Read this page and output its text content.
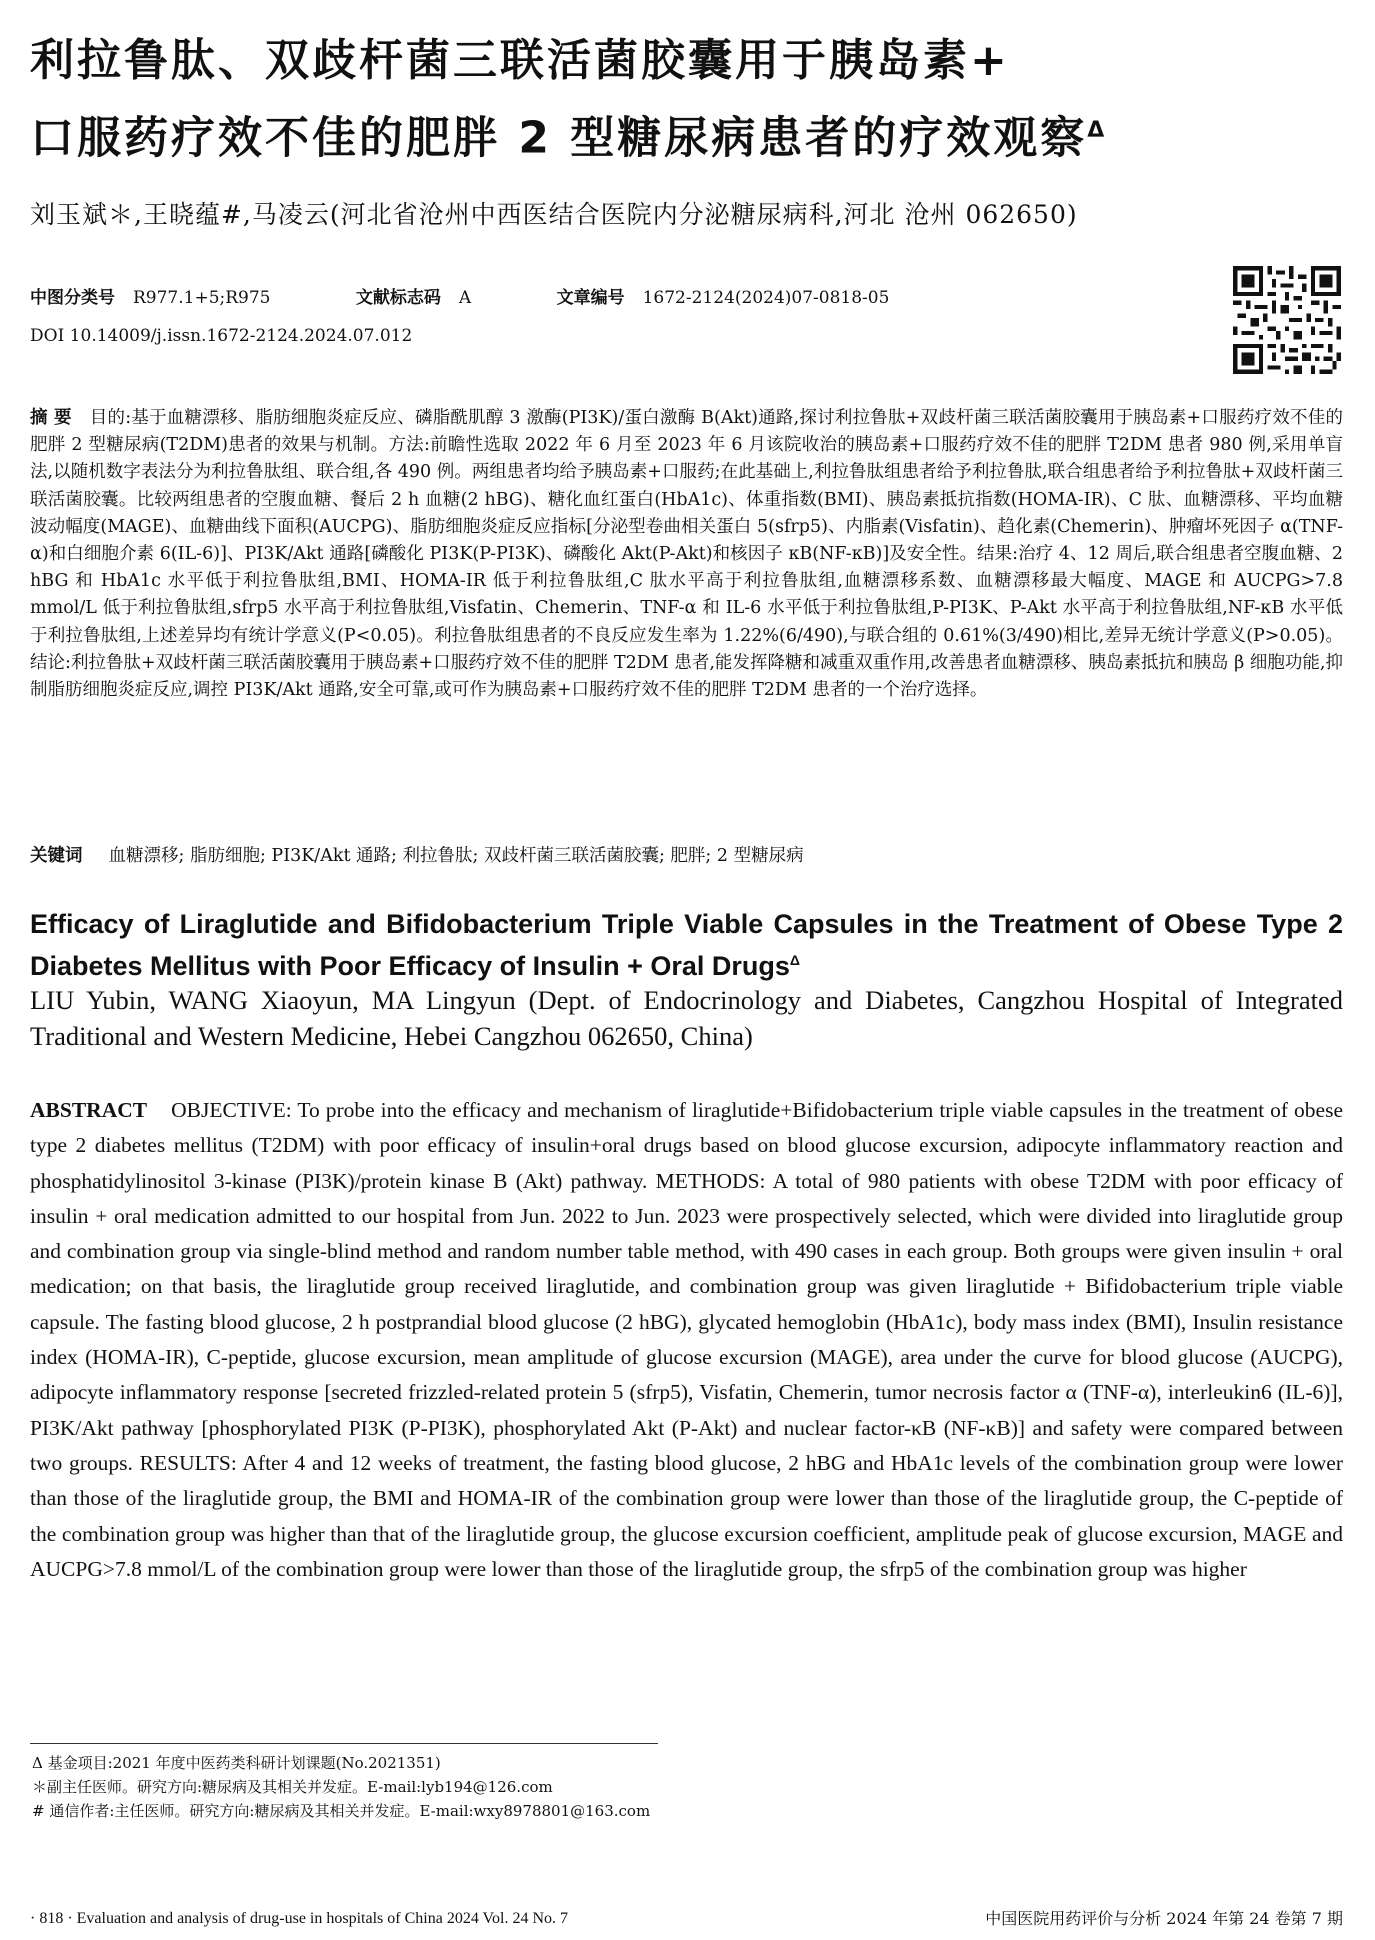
利拉鲁肽、双歧杆菌三联活菌胶囊用于胰岛素+
口服药疗效不佳的肥胖 2 型糖尿病患者的疗效观察$^\Delta$
刘玉斌＊,王晓蕴#,马凌云(河北省沧州中西医结合医院内分泌糖尿病科,河北 沧州 062650)
中图分类号 R977.1+5;R975	文献标志码 A	文章编号 1672-2124(2024)07-0818-05
DOI 10.14009/j.issn.1672-2124.2024.07.012

摘 要 目的:基于血糖漂移、脂肪细胞炎症反应、磷脂酰肌醇 3 激酶(PI3K)/蛋白激酶 B(Akt)通路,探讨利拉鲁肽+双歧杆菌三联活菌胶囊用于胰岛素+口服药疗效不佳的肥胖 2 型糖尿病(T2DM)患者的效果与机制。方法:前瞻性选取 2022 年 6 月至 2023 年 6 月该院收治的胰岛素+口服药疗效不佳的肥胖 T2DM 患者 980 例,采用单盲法,以随机数字表法分为利拉鲁肽组、联合组,各 490 例。两组患者均给予胰岛素+口服药;在此基础上,利拉鲁肽组患者给予利拉鲁肽,联合组患者给予利拉鲁肽+双歧杆菌三联活菌胶囊。比较两组患者的空腹血糖、餐后 2 h 血糖(2 hBG)、糖化血红蛋白(HbA1c)、体重指数(BMI)、胰岛素抵抗指数(HOMA-IR)、C 肽、血糖漂移、平均血糖波动幅度(MAGE)、血糖曲线下面积(AUCPG)、脂肪细胞炎症反应指标[分泌型卷曲相关蛋白 5(sfrp5)、内脂素(Visfatin)、趋化素(Chemerin)、肿瘤坏死因子 α(TNF-α)和白细胞介素 6(IL-6)]、PI3K/Akt 通路[磷酸化 PI3K(P-PI3K)、磷酸化 Akt(P-Akt)和核因子 κB(NF-κB)]及安全性。结果:治疗 4、12 周后,联合组患者空腹血糖、2 hBG 和 HbA1c 水平低于利拉鲁肽组,BMI、HOMA-IR 低于利拉鲁肽组,C 肽水平高于利拉鲁肽组,血糖漂移系数、血糖漂移最大幅度、MAGE 和 AUCPG>7.8 mmol/L 低于利拉鲁肽组,sfrp5 水平高于利拉鲁肽组,Visfatin、Chemerin、TNF-α 和 IL-6 水平低于利拉鲁肽组,P-PI3K、P-Akt 水平高于利拉鲁肽组,NF-κB 水平低于利拉鲁肽组,上述差异均有统计学意义(P<0.05)。利拉鲁肽组患者的不良反应发生率为 1.22%(6/490),与联合组的 0.61%(3/490)相比,差异无统计学意义(P>0.05)。结论:利拉鲁肽+双歧杆菌三联活菌胶囊用于胰岛素+口服药疗效不佳的肥胖 T2DM 患者,能发挥降糖和减重双重作用,改善患者血糖漂移、胰岛素抵抗和胰岛 β 细胞功能,抑制脂肪细胞炎症反应,调控 PI3K/Akt 通路,安全可靠,或可作为胰岛素+口服药疗效不佳的肥胖 T2DM 患者的一个治疗选择。

关键词 血糖漂移; 脂肪细胞; PI3K/Akt 通路; 利拉鲁肽; 双歧杆菌三联活菌胶囊; 肥胖; 2 型糖尿病
Efficacy of Liraglutide and Bifidobacterium Triple Viable Capsules in the Treatment of Obese Type 2 Diabetes Mellitus with Poor Efficacy of Insulin + Oral Drugs$^\Delta$
LIU Yubin, WANG Xiaoyun, MA Lingyun (Dept. of Endocrinology and Diabetes, Cangzhou Hospital of Integrated Traditional and Western Medicine, Hebei Cangzhou 062650, China)

ABSTRACT OBJECTIVE: To probe into the efficacy and mechanism of liraglutide+Bifidobacterium triple viable capsules in the treatment of obese type 2 diabetes mellitus (T2DM) with poor efficacy of insulin+oral drugs based on blood glucose excursion, adipocyte inflammatory reaction and phosphatidylinositol 3-kinase (PI3K)/protein kinase B (Akt) pathway. METHODS: A total of 980 patients with obese T2DM with poor efficacy of insulin + oral medication admitted to our hospital from Jun. 2022 to Jun. 2023 were prospectively selected, which were divided into liraglutide group and combination group via single-blind method and random number table method, with 490 cases in each group. Both groups were given insulin + oral medication; on that basis, the liraglutide group received liraglutide, and combination group was given liraglutide + Bifidobacterium triple viable capsule. The fasting blood glucose, 2 h postprandial blood glucose (2 hBG), glycated hemoglobin (HbA1c), body mass index (BMI), Insulin resistance index (HOMA-IR), C-peptide, glucose excursion, mean amplitude of glucose excursion (MAGE), area under the curve for blood glucose (AUCPG), adipocyte inflammatory response [secreted frizzled-related protein 5 (sfrp5), Visfatin, Chemerin, tumor necrosis factor α (TNF-α), interleukin6 (IL-6)], PI3K/Akt pathway [phosphorylated PI3K (P-PI3K), phosphorylated Akt (P-Akt) and nuclear factor-κB (NF-κB)] and safety were compared between two groups. RESULTS: After 4 and 12 weeks of treatment, the fasting blood glucose, 2 hBG and HbA1c levels of the combination group were lower than those of the liraglutide group, the BMI and HOMA-IR of the combination group were lower than those of the liraglutide group, the C-peptide of the combination group was higher than that of the liraglutide group, the glucose excursion coefficient, amplitude peak of glucose excursion, MAGE and AUCPG>7.8 mmol/L of the combination group were lower than those of the liraglutide group, the sfrp5 of the combination group was higher

Δ 基金项目:2021 年度中医药类科研计划课题(No.2021351)
＊副主任医师。研究方向:糖尿病及其相关并发症。E-mail:lyb194@126.com
# 通信作者:主任医师。研究方向:糖尿病及其相关并发症。E-mail:wxy8978801@163.com
· 818 · Evaluation and analysis of drug-use in hospitals of China 2024 Vol. 24 No. 7	中国医院用药评价与分析 2024 年第 24 卷第 7 期
